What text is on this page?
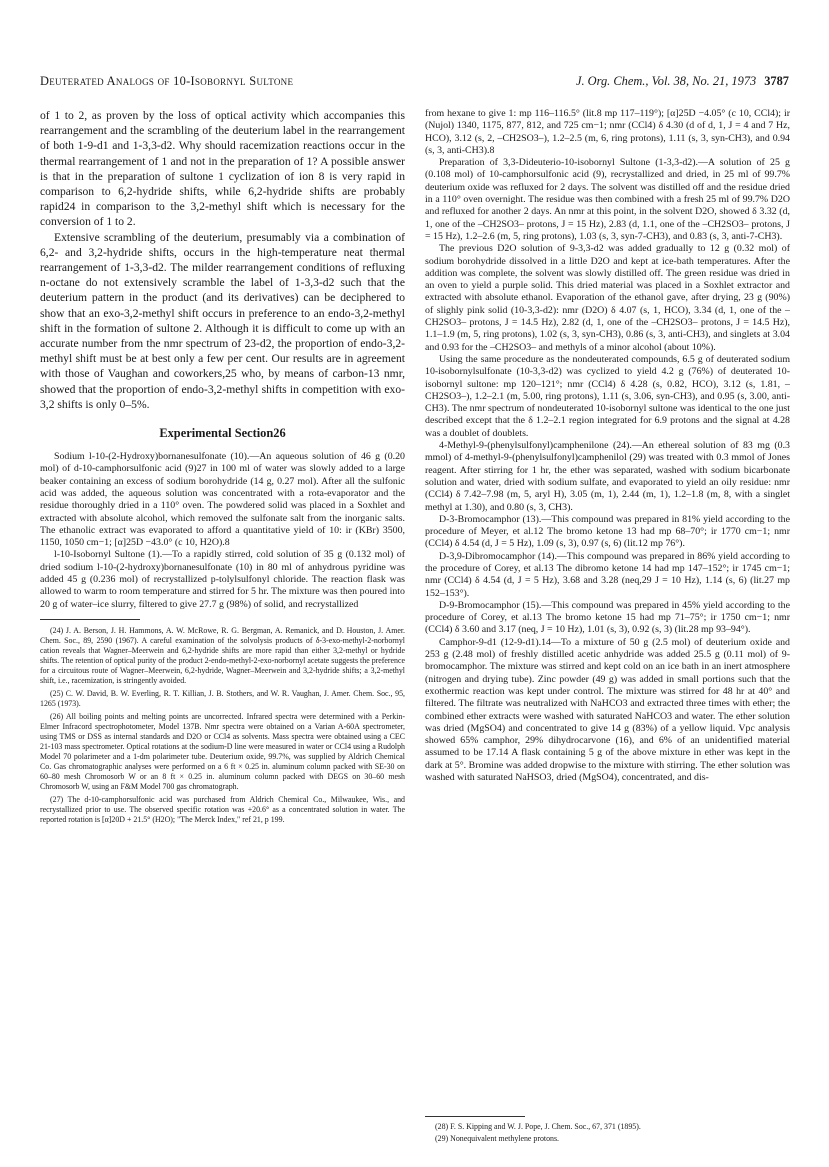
Deuterated Analogs of 10-Isobornyl Sultone	J. Org. Chem., Vol. 38, No. 21, 1973 3787

of 1 to 2, as proven by the loss of optical activity which accompanies this rearrangement and the scrambling of the deuterium label in the rearrangement of both 1-9-d1 and 1-3,3-d2. Why should racemization reactions occur in the thermal rearrangement of 1 and not in the preparation of 1? A possible answer is that in the preparation of sultone 1 cyclization of ion 8 is very rapid in comparison to 6,2-hydride shifts, while 6,2-hydride shifts are probably rapid24 in comparison to the 3,2-methyl shift which is necessary for the conversion of 1 to 2.

Extensive scrambling of the deuterium, presumably via a combination of 6,2- and 3,2-hydride shifts, occurs in the high-temperature neat thermal rearrangement of 1-3,3-d2. The milder rearrangement conditions of refluxing n-octane do not extensively scramble the label of 1-3,3-d2 such that the deuterium pattern in the product (and its derivatives) can be deciphered to show that an exo-3,2-methyl shift occurs in preference to an endo-3,2-methyl shift in the formation of sultone 2. Although it is difficult to come up with an accurate number from the nmr spectrum of 23-d2, the proportion of endo-3,2-methyl shift must be at best only a few per cent. Our results are in agreement with those of Vaughan and coworkers,25 who, by means of carbon-13 nmr, showed that the proportion of endo-3,2-methyl shifts in competition with exo-3,2 shifts is only 0–5%.

Experimental Section26

Sodium l-10-(2-Hydroxy)bornanesulfonate (10).—An aqueous solution of 46 g (0.20 mol) of d-10-camphorsulfonic acid (9)27 in 100 ml of water was slowly added to a large beaker containing an excess of sodium borohydride (14 g, 0.27 mol). After all the sulfonic acid was added, the aqueous solution was concentrated with a rota-evaporator and the residue thoroughly dried in a 110° oven. The powdered solid was placed in a Soxhlet and extracted with absolute alcohol, which removed the sulfonate salt from the inorganic salts. The ethanolic extract was evaporated to afford a quantitative yield of 10: ir (KBr) 3500, 1150, 1050 cm−1; [α]25D −43.0° (c 10, H2O).8

l-10-Isobornyl Sultone (1).—To a rapidly stirred, cold solution of 35 g (0.132 mol) of dried sodium l-10-(2-hydroxy)bornanesulfonate (10) in 80 ml of anhydrous pyridine was added 45 g (0.236 mol) of recrystallized p-tolylsulfonyl chloride. The reaction flask was allowed to warm to room temperature and stirred for 5 hr. The mixture was then poured into 20 g of water–ice slurry, filtered to give 27.7 g (98%) of solid, and recrystallized

(24) J. A. Berson, J. H. Hammons, A. W. McRowe, R. G. Bergman, A. Remanick, and D. Houston, J. Amer. Chem. Soc., 89, 2590 (1967). A careful examination of the solvolysis products of δ-3-exo-methyl-2-norbornyl cation reveals that Wagner–Meerwein and 6,2-hydride shifts are more rapid than either 3,2-methyl or hydride shifts. The retention of optical purity of the product 2-endo-methyl-2-exo-norbornyl acetate suggests the preference for a circuitous route of Wagner–Meerwein, 6,2-hydride, Wagner–Meerwein and 3,2-hydride shifts; a 3,2-methyl shift, i.e., racemization, is stringently avoided.

(25) C. W. David, B. W. Everling, R. T. Killian, J. B. Stothers, and W. R. Vaughan, J. Amer. Chem. Soc., 95, 1265 (1973).

(26) All boiling points and melting points are uncorrected. Infrared spectra were determined with a Perkin-Elmer Infracord spectrophotometer, Model 137B. Nmr spectra were obtained on a Varian A-60A spectrometer, using TMS or DSS as internal standards and D2O or CCl4 as solvents. Mass spectra were obtained using a CEC 21-103 mass spectrometer. Optical rotations at the sodium-D line were measured in water or CCl4 using a Rudolph Model 70 polarimeter and a 1-dm polarimeter tube. Deuterium oxide, 99.7%, was supplied by Aldrich Chemical Co. Gas chromatographic analyses were performed on a 6 ft × 0.25 in. aluminum column packed with SE-30 on 60–80 mesh Chromosorb W or an 8 ft × 0.25 in. aluminum column packed with DEGS on 30–60 mesh Chromosorb W, using an F&M Model 700 gas chromatograph.

(27) The d-10-camphorsulfonic acid was purchased from Aldrich Chemical Co., Milwaukee, Wis., and recrystallized prior to use. The observed specific rotation was +20.6° as a concentrated solution in water. The reported rotation is [α]20D + 21.5° (H2O); "The Merck Index," ref 21, p 199.

from hexane to give 1: mp 116–116.5° (lit.8 mp 117–119°); [α]25D −4.05° (c 10, CCl4); ir (Nujol) 1340, 1175, 877, 812, and 725 cm−1; nmr (CCl4) δ 4.30 (d of d, 1, J = 4 and 7 Hz, HCO), 3.12 (s, 2, –CH2SO3–), 1.2–2.5 (m, 6, ring protons), 1.11 (s, 3, syn-CH3), and 0.94 (s, 3, anti-CH3).8

Preparation of 3,3-Dideuterio-10-isobornyl Sultone (1-3,3-d2).—A solution of 25 g (0.108 mol) of 10-camphorsulfonic acid (9), recrystallized and dried, in 25 ml of 99.7% deuterium oxide was refluxed for 2 days. The solvent was distilled off and the residue dried in a 110° oven overnight. The residue was then combined with a fresh 25 ml of 99.7% D2O and refluxed for another 2 days. An nmr at this point, in the solvent D2O, showed δ 3.32 (d, 1, one of the –CH2SO3– protons, J = 15 Hz), 2.83 (d, 1.1, one of the –CH2SO3– protons, J = 15 Hz), 1.2–2.6 (m, 5, ring protons), 1.03 (s, 3, syn-7-CH3), and 0.83 (s, 3, anti-7-CH3).

The previous D2O solution of 9-3,3-d2 was added gradually to 12 g (0.32 mol) of sodium borohydride dissolved in a little D2O and kept at ice-bath temperatures. After the addition was complete, the solvent was slowly distilled off. The green residue was dried in an oven to yield a purple solid. This dried material was placed in a Soxhlet extractor and extracted with absolute ethanol. Evaporation of the ethanol gave, after drying, 23 g (90%) of slighly pink solid (10-3,3-d2): nmr (D2O) δ 4.07 (s, 1, HCO), 3.34 (d, 1, one of the –CH2SO3– protons, J = 14.5 Hz), 2.82 (d, 1, one of the –CH2SO3– protons, J = 14.5 Hz), 1.1–1.9 (m, 5, ring protons), 1.02 (s, 3, syn-CH3), 0.86 (s, 3, anti-CH3), and singlets at 3.04 and 0.93 for the –CH2SO3– and methyls of a minor alcohol (about 10%).

Using the same procedure as the nondeuterated compounds, 6.5 g of deuterated sodium 10-isobornylsulfonate (10-3,3-d2) was cyclized to yield 4.2 g (76%) of deuterated 10-isobornyl sultone: mp 120–121°; nmr (CCl4) δ 4.28 (s, 0.82, HCO), 3.12 (s, 1.81, –CH2SO3–), 1.2–2.1 (m, 5.00, ring protons), 1.11 (s, 3.06, syn-CH3), and 0.95 (s, 3.00, anti-CH3). The nmr spectrum of nondeuterated 10-isobornyl sultone was identical to the one just described except that the δ 1.2–2.1 region integrated for 6.9 protons and the signal at 4.28 was a doublet of doublets.

4-Methyl-9-(phenylsulfonyl)camphenilone (24).—An ethereal solution of 83 mg (0.3 mmol) of 4-methyl-9-(phenylsulfonyl)camphenilol (29) was treated with 0.3 mmol of Jones reagent. After stirring for 1 hr, the ether was separated, washed with sodium bicarbonate solution and water, dried with sodium sulfate, and evaporated to yield an oily residue: nmr (CCl4) δ 7.42–7.98 (m, 5, aryl H), 3.05 (m, 1), 2.44 (m, 1), 1.2–1.8 (m, 8, with a singlet methyl at 1.30), and 0.80 (s, 3, CH3).

D-3-Bromocamphor (13).—This compound was prepared in 81% yield according to the procedure of Meyer, et al.12 The bromo ketone 13 had mp 68–70°; ir 1770 cm−1; nmr (CCl4) δ 4.54 (d, J = 5 Hz), 1.09 (s, 3), 0.97 (s, 6) (lit.12 mp 76°).

D-3,9-Dibromocamphor (14).—This compound was prepared in 86% yield according to the procedure of Corey, et al.13 The dibromo ketone 14 had mp 147–152°; ir 1745 cm−1; nmr (CCl4) δ 4.54 (d, J = 5 Hz), 3.68 and 3.28 (neq,29 J = 10 Hz), 1.14 (s, 6) (lit.27 mp 152–153°).

D-9-Bromocamphor (15).—This compound was prepared in 45% yield according to the procedure of Corey, et al.13 The bromo ketone 15 had mp 71–75°; ir 1750 cm−1; nmr (CCl4) δ 3.60 and 3.17 (neq, J = 10 Hz), 1.01 (s, 3), 0.92 (s, 3) (lit.28 mp 93–94°).

Camphor-9-d1 (12-9-d1).14—To a mixture of 50 g (2.5 mol) of deuterium oxide and 253 g (2.48 mol) of freshly distilled acetic anhydride was added 25.5 g (0.11 mol) of 9-bromocamphor. The mixture was stirred and kept cold on an ice bath in an inert atmosphere (nitrogen and drying tube). Zinc powder (49 g) was added in small portions such that the exothermic reaction was kept under control. The mixture was stirred for 48 hr at 40° and filtered. The filtrate was neutralized with NaHCO3 and extracted three times with ether; the combined ether extracts were washed with saturated NaHCO3 and water. The ether solution was dried (MgSO4) and concentrated to give 14 g (83%) of a yellow liquid. Vpc analysis showed 65% camphor, 29% dihydrocarvone (16), and 6% of an unidentified material assumed to be 17.14 A flask containing 5 g of the above mixture in ether was kept in the dark at 5°. Bromine was added dropwise to the mixture with stirring. The ether solution was washed with saturated NaHSO3, dried (MgSO4), concentrated, and dis-

(28) F. S. Kipping and W. J. Pope, J. Chem. Soc., 67, 371 (1895).

(29) Nonequivalent methylene protons.
